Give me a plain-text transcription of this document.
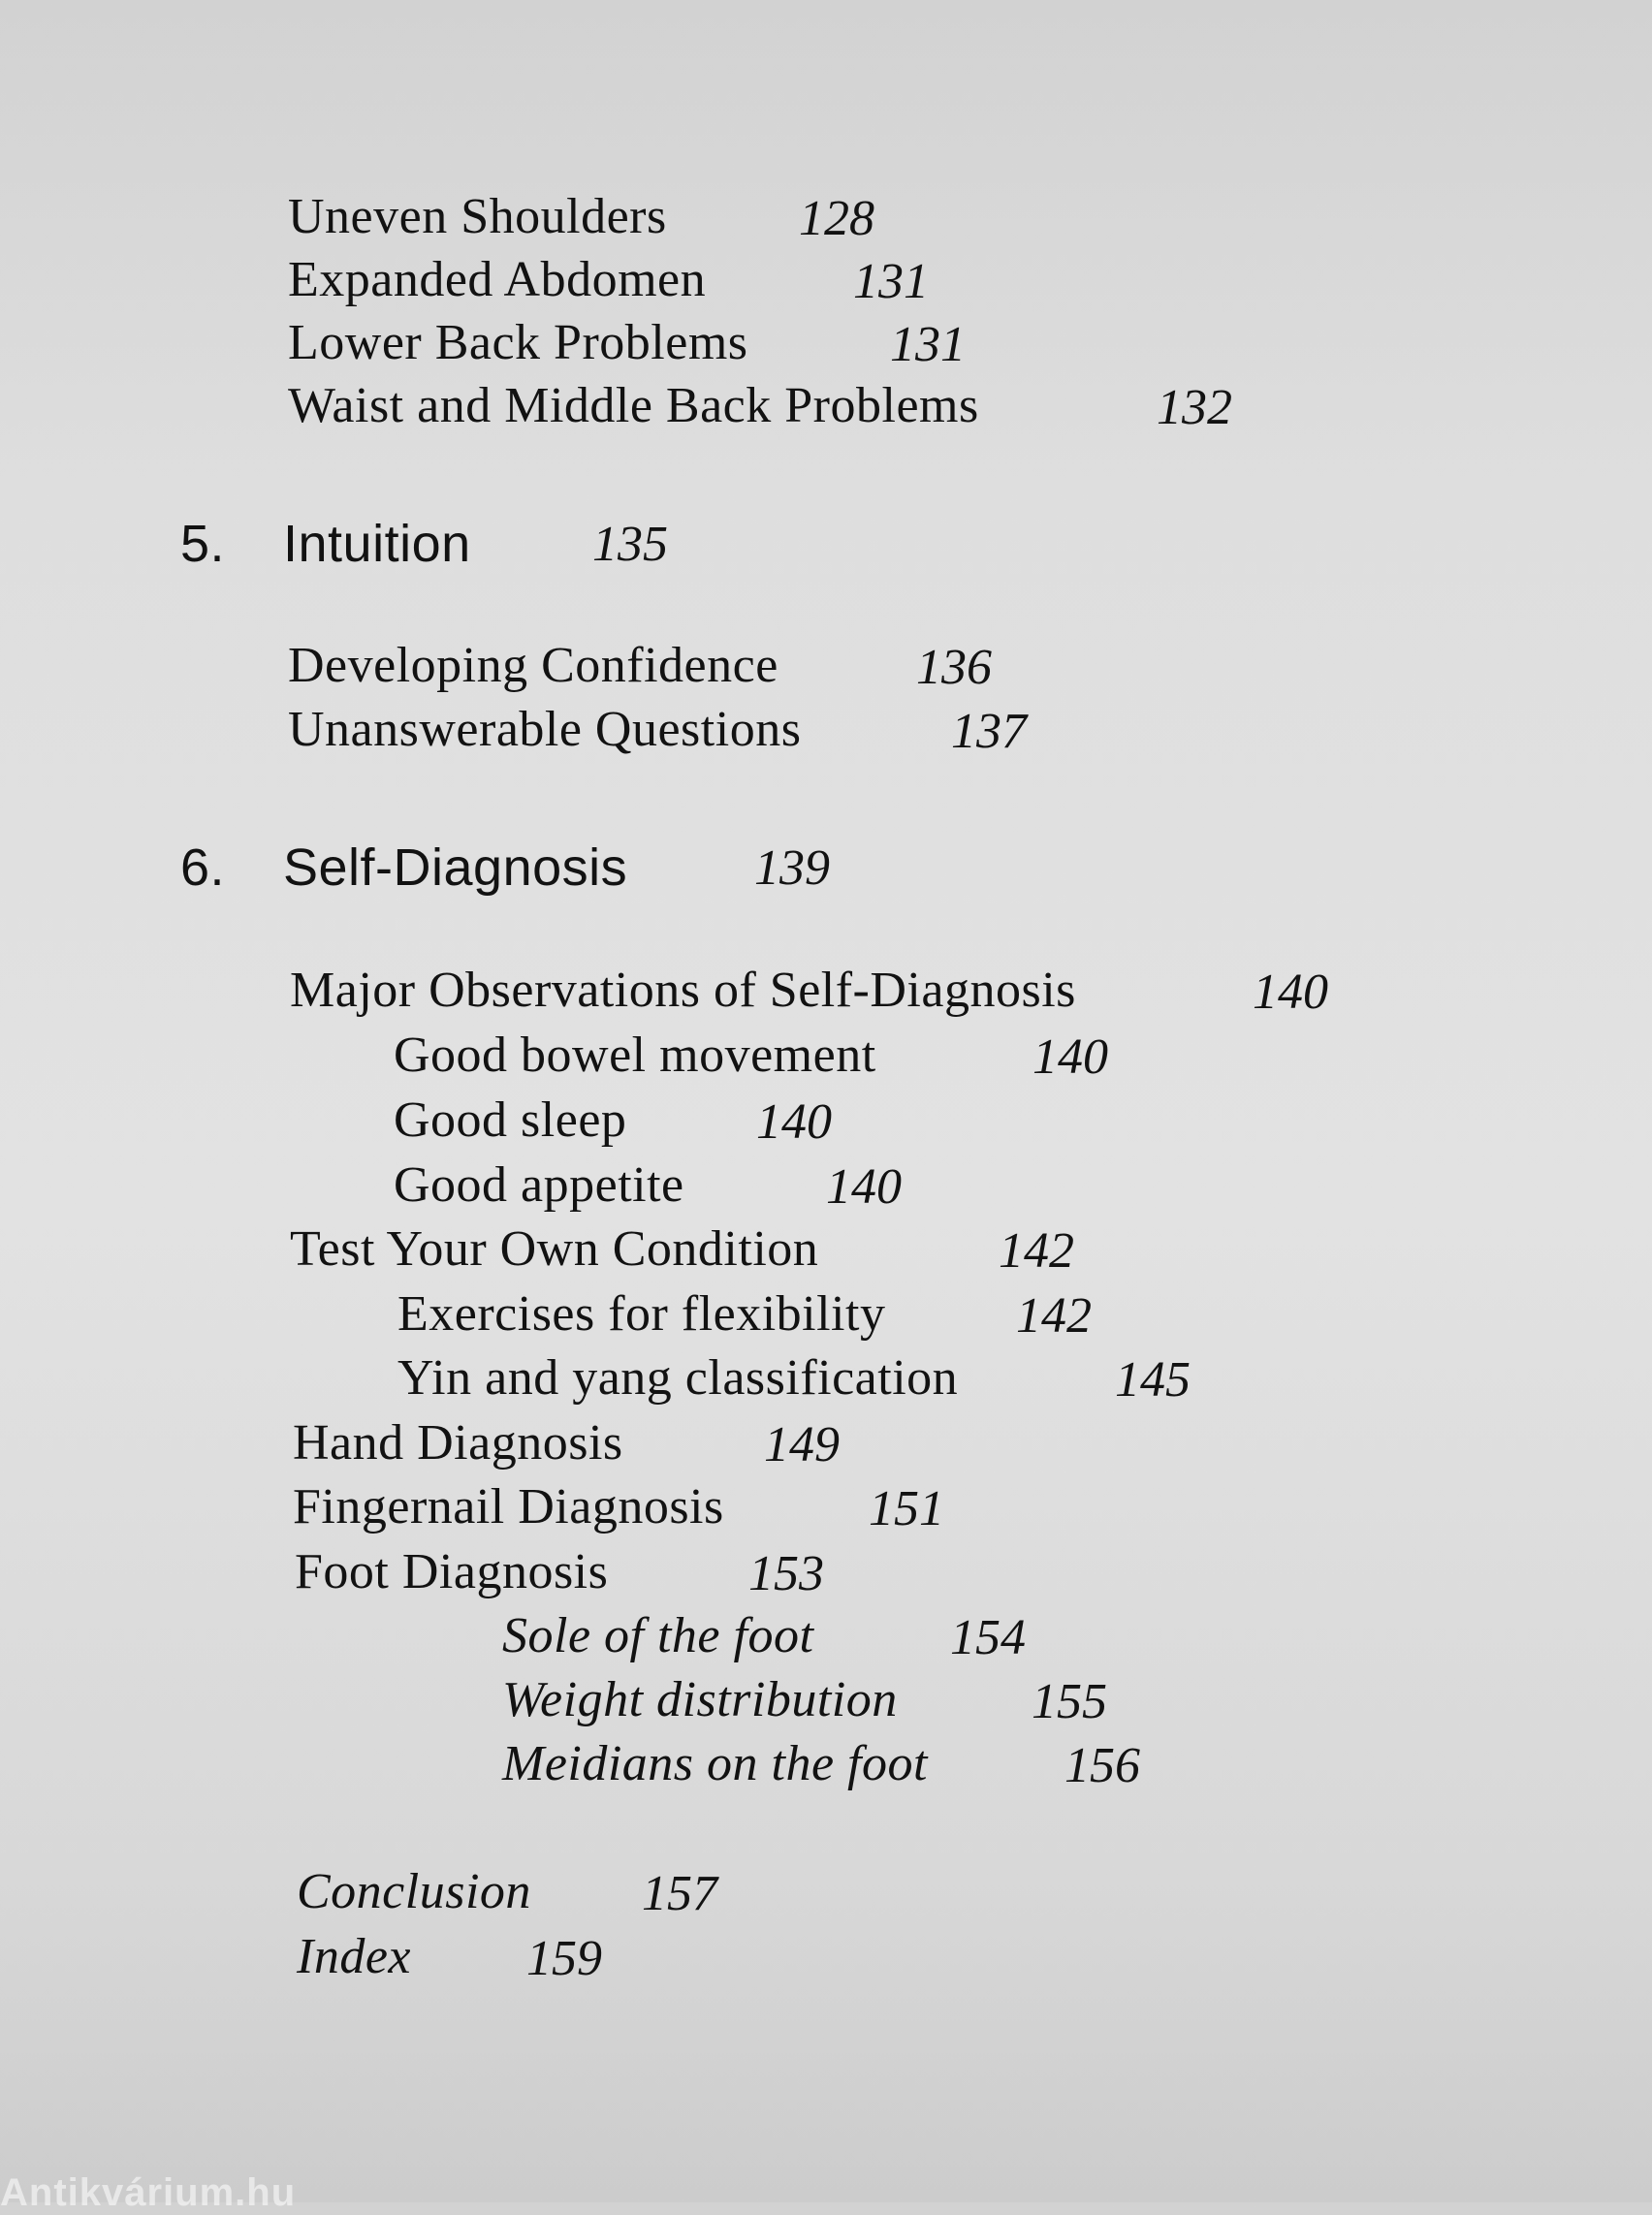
Uneven Shoulders	128
Expanded Abdomen	131
Lower Back Problems	131
Waist and Middle Back Problems	132
5. Intuition 135
Developing Confidence	136
Unanswerable Questions	137
6. Self-Diagnosis	139
Major Observations of Self-Diagnosis	140
Good bowel movement	140
Good sleep	140
Good appetite	140
Test Your Own Condition	142
Exercises for flexibility	142
Yin and yang classification	145
Hand Diagnosis	149
Fingernail Diagnosis	151
Foot Diagnosis	153
Sole of the foot	154
Weight distribution	155
Meidians on the foot	156
Conclusion 157
Index 159
Antikvárium.hu
